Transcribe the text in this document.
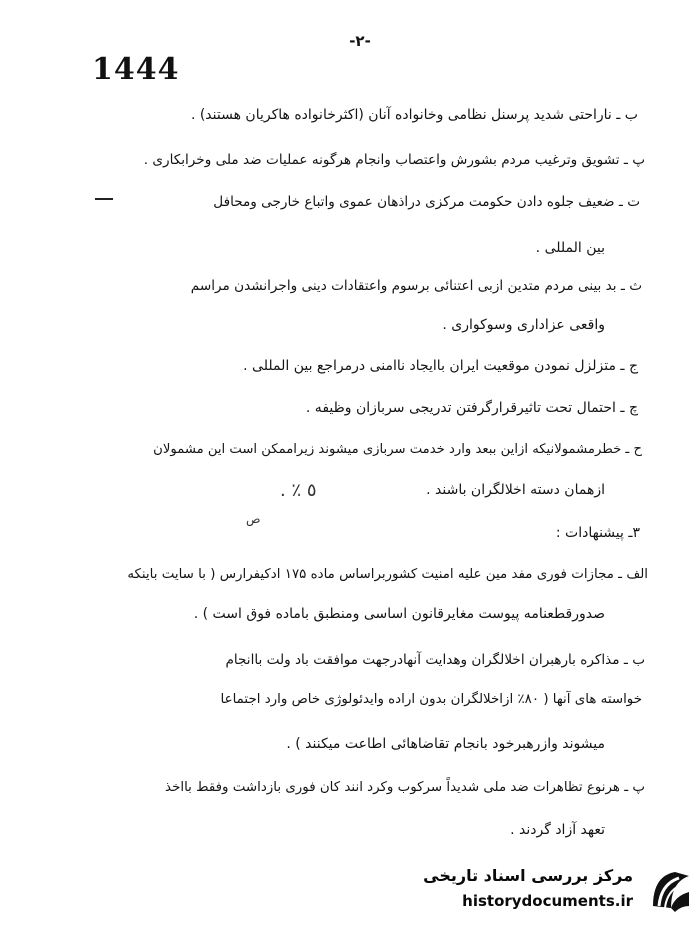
-۲-
1444
ب ـ ناراحتی شدید پرسنل نظامی وخانواده آنان (اکثرخانواده هاکریان هستند) .
پ ـ تشویق وترغیب مردم بشورش واعتصاب وانجام هرگونه عملیات ضد ملی وخرابکاری .
ت ـ ضعیف جلوه دادن حکومت مرکزی دراذهان عموی واتباع خارجی ومحافل
بین المللی .
ث ـ بد بینی مردم متدین ازبی اعتنائی برسوم واعتقادات دینی واجرانشدن مراسم
واقعی عزاداری وسوکواری .
ج ـ متزلزل نمودن موقعیت ایران باایجاد ناامنی درمراجع بین المللی .
چ ـ احتمال تحت تاثیرقرارگرفتن تدریجی سربازان وظیفه .
ح ـ خطرمشمولانیکه ازاین ببعد وارد خدمت سربازی میشوند زیراممکن است این مشمولان
ازهمان دسته اخلالگران باشند .
. ٪ ٥
ص
۳ـ پیشنهادات :
الف ـ مجازات فوری مفد مین علیه امنیت کشوربراساس ماده ۱۷۵ ادکیفرارس ( با سایت باینکه
صدورقطعنامه پیوست مغایرقانون اساسی ومنطبق باماده فوق است ) .
ب ـ مذاکره بارهبران اخلالگران وهدایت آنهادرجهت موافقت باد ولت باانجام
خواسته های آنها ( ۸۰٪ ازاخلالگران بدون اراده وایدئولوژی خاص وارد اجتماعا
میشوند وازرهبرخود بانجام تقاضاهائی اطاعت میکنند ) .
پ ـ هرنوع تظاهرات ضد ملی شدیداً سرکوب وکرد انند کان فوری بازداشت وفقط بااخذ
تعهد آزاد گردند .
مرکز بررسی اسناد تاریخی
historydocuments.ir
